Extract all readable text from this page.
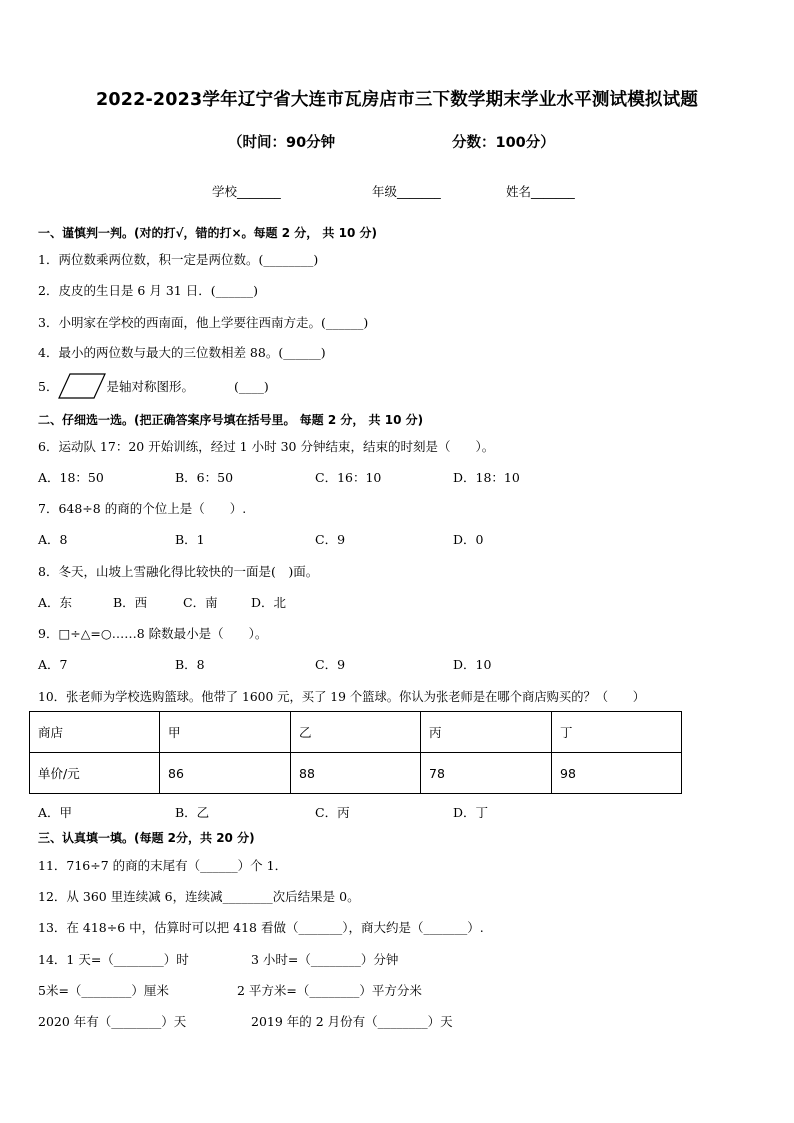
2022-2023学年辽宁省大连市瓦房店市三下数学期末学业水平测试模拟试题
（时间：90分钟	分数：100分）
学校_______	年级_______	姓名_______
一、谨慎判一判。(对的打√，错的打×。每题 2 分， 共 10 分)
1．两位数乘两位数，积一定是两位数。(________)
2．皮皮的生日是 6 月 31 日．(______)
3．小明家在学校的西南面，他上学要往西南方走。(______)
4．最小的两位数与最大的三位数相差 88。(______)
5．	是轴对称图形。	(____)
二、仔细选一选。(把正确答案序号填在括号里。 每题 2 分， 共 10 分)
6．运动队 17：20 开始训练，经过 1 小时 30 分钟结束，结束的时刻是（　　）。
A．18：50	B．6：50	C．16：10	D．18：10
7．648÷8 的商的个位上是（　　）.
A．8	B．1	C．9	D．0
8．冬天，山坡上雪融化得比较快的一面是(　)面。
A．东	B．西	C．南	D．北
9．□÷△=○……8 除数最小是（　　）。
A．7	B．8	C．9	D．10
10．张老师为学校选购篮球。他带了 1600 元，买了 19 个篮球。你认为张老师是在哪个商店购买的？（　　）
商店	甲	乙	丙	丁
单价/元	86	88	78	98
A．甲	B．乙	C．丙	D．丁
三、认真填一填。(每题 2分，共 20 分)
11．716÷7 的商的末尾有（______）个 1．
12．从 360 里连续减 6，连续减________次后结果是 0。
13．在 418÷6 中，估算时可以把 418 看做（_______），商大约是（_______）.
14．1 天=（________）时	3 小时=（________）分钟
5米=（________）厘米	2 平方米=（________）平方分米
2020 年有（________）天	2019 年的 2 月份有（________）天
